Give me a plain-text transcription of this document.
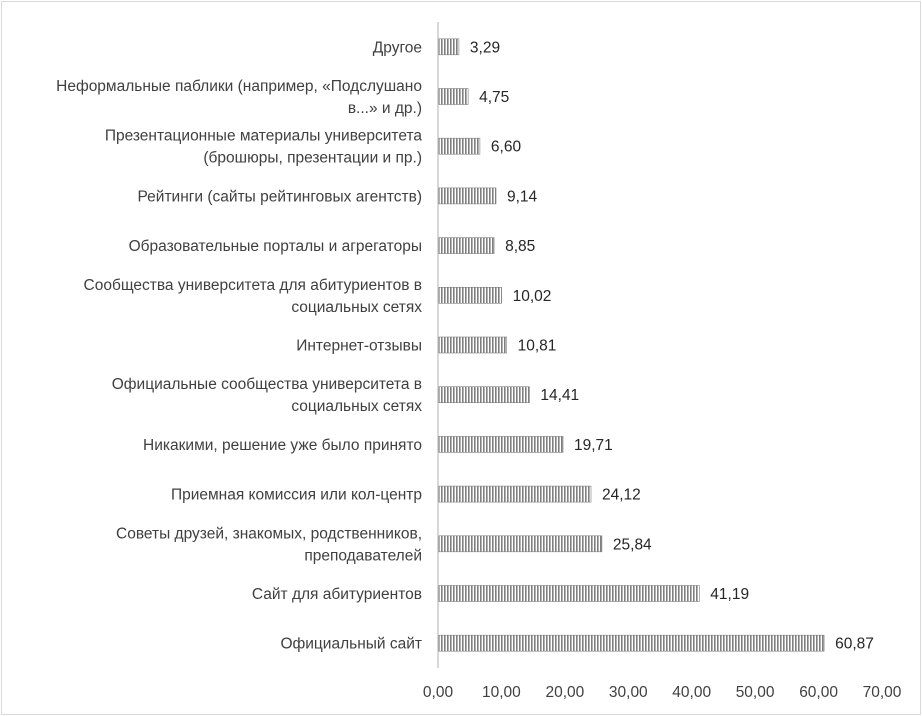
60,87
Официальный сайт
41,19
Сайт для абитуриентов
25,84
Советы друзей, знакомых, родственников, преподавателей
24,12
Приемная комиссия или кол-центр
19,71
Никакими, решение уже было принято
14,41
Официальные сообщества университета в социальных сетях
10,81
Интернет-отзывы
10,02
Сообщества университета для абитуриентов в социальных сетях
8,85
Образовательные порталы и агрегаторы
9,14
Рейтинги (сайты рейтинговых агентств)
6,60
Презентационные материалы университета (брошюры, презентации и пр.)
4,75
Неформальные паблики (например, «Подслушано в...» и др.)
3,29
Другое
0,00 10,00 20,00 30,00 40,00 50,00 60,00 70,00
